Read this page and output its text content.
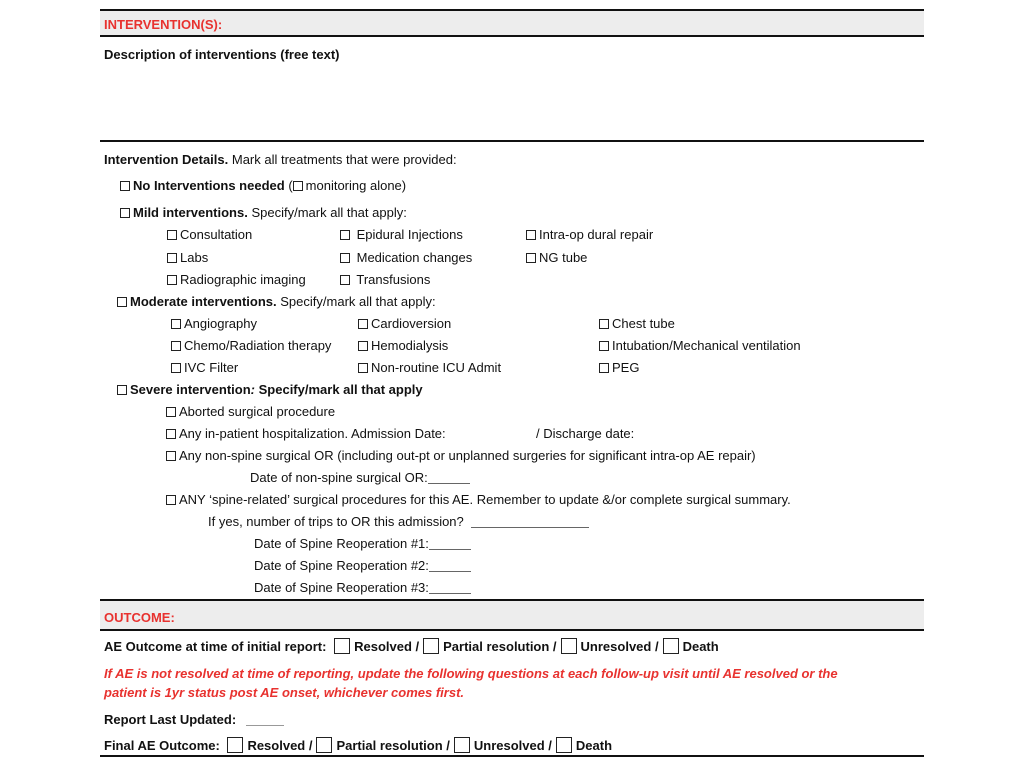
INTERVENTION(S):
Description of interventions (free text)
Intervention Details. Mark all treatments that were provided:
No Interventions needed ( monitoring alone)
Mild interventions. Specify/mark all that apply:
Consultation	Epidural Injections	Intra-op dural repair
Labs	Medication changes	NG tube
Radiographic imaging	Transfusions
Moderate interventions. Specify/mark all that apply:
Angiography	Cardioversion	Chest tube
Chemo/Radiation therapy	Hemodialysis	Intubation/Mechanical ventilation
IVC Filter	Non-routine ICU Admit	PEG
Severe intervention: Specify/mark all that apply
Aborted surgical procedure
Any in-patient hospitalization. Admission Date:	/ Discharge date:
Any non-spine surgical OR (including out-pt or unplanned surgeries for significant intra-op AE repair)
Date of non-spine surgical OR:
ANY ‘spine-related’ surgical procedures for this AE. Remember to update &/or complete surgical summary.
If yes, number of trips to OR this admission?
Date of Spine Reoperation #1:
Date of Spine Reoperation #2:
Date of Spine Reoperation #3:
OUTCOME:
AE Outcome at time of initial report: Resolved / Partial resolution / Unresolved / Death
If AE is not resolved at time of reporting, update the following questions at each follow-up visit until AE resolved or the
patient is 1yr status post AE onset, whichever comes first.
Report Last Updated:
Final AE Outcome: Resolved / Partial resolution / Unresolved / Death
